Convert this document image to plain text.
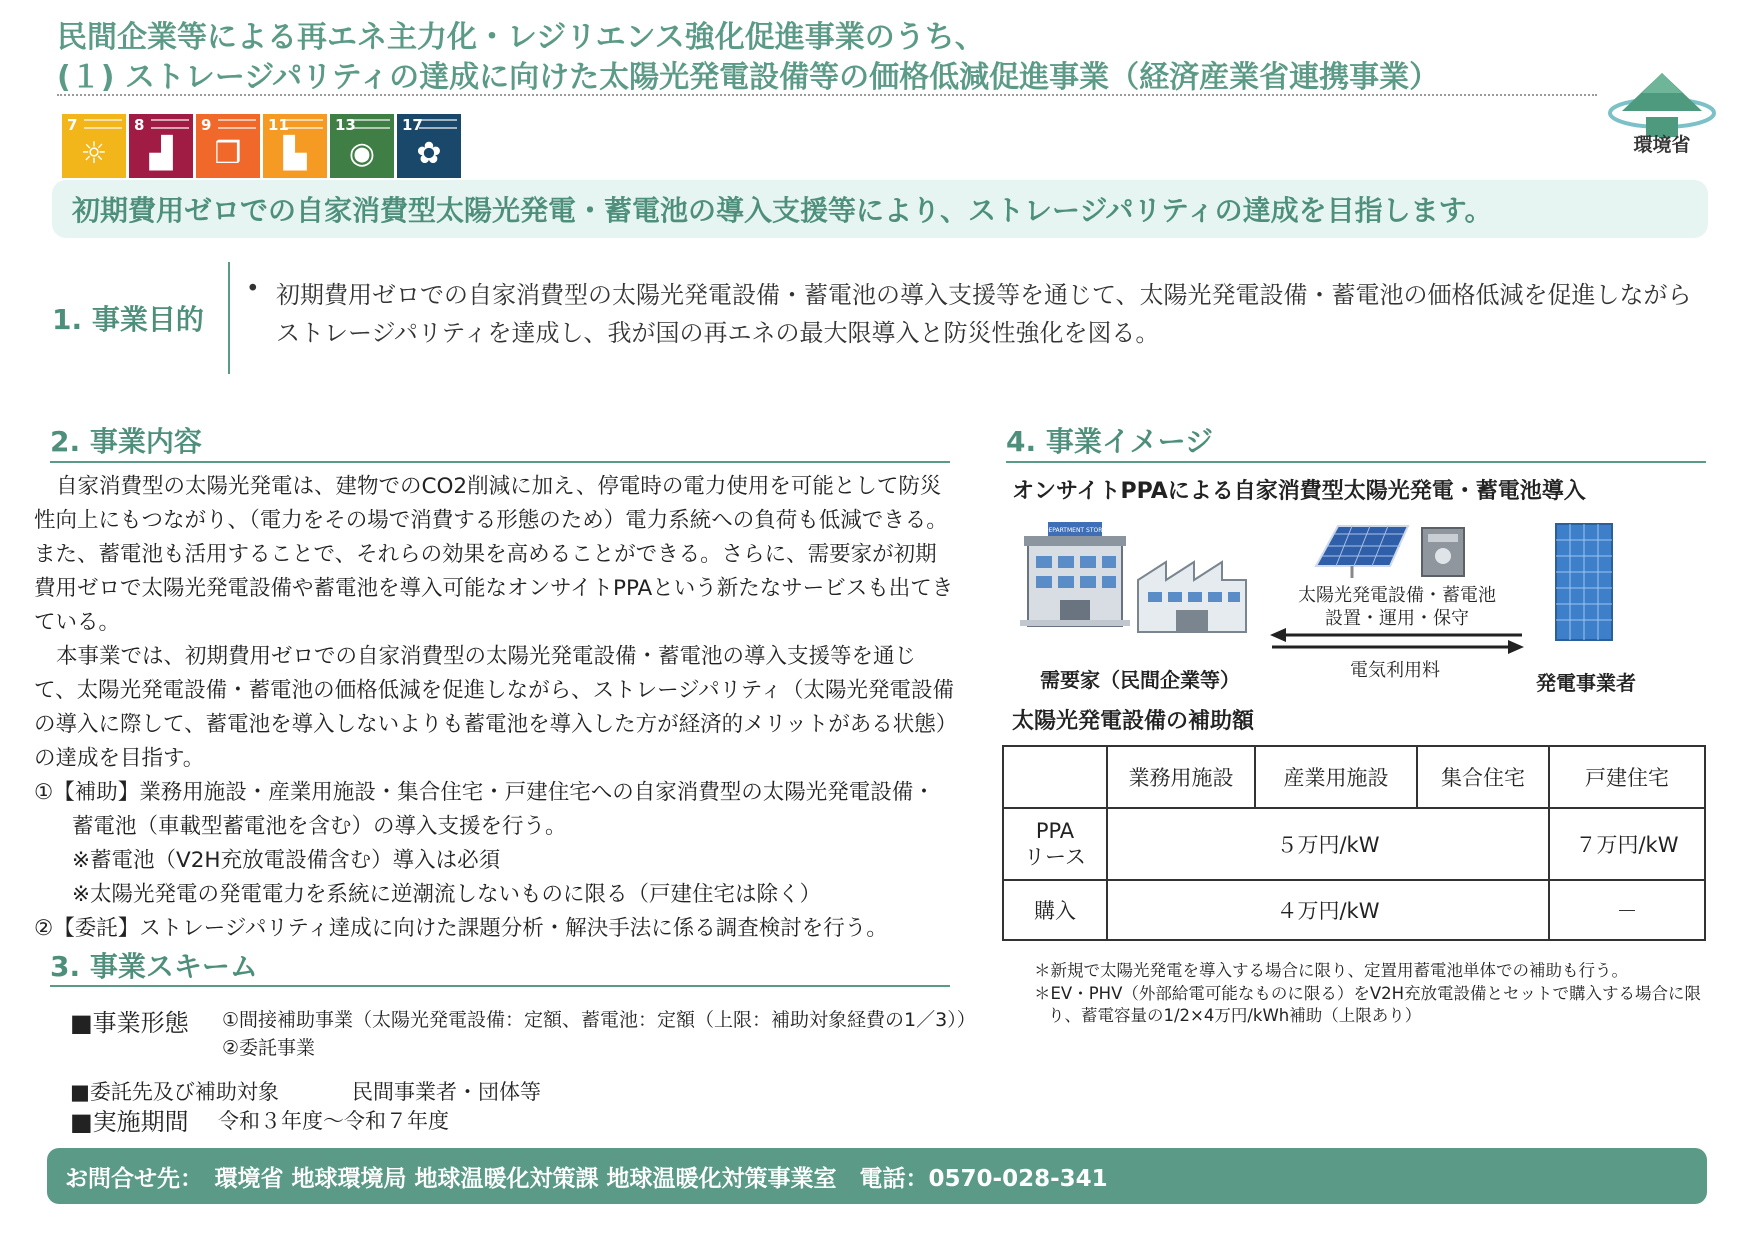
民間企業等による再エネ主力化・レジリエンス強化促進事業のうち、
(１) ストレージパリティの達成に向けた太陽光発電設備等の価格低減促進事業（経済産業省連携事業）
環境省
7
☼
8
▟
9
❒
11
▙
13
◉
17
✿
初期費用ゼロでの自家消費型太陽光発電・蓄電池の導入支援等により、ストレージパリティの達成を目指します。
1. 事業目的
• 初期費用ゼロでの自家消費型の太陽光発電設備・蓄電池の導入支援等を通じて、太陽光発電設備・蓄電池の価格低減を促進しながらストレージパリティを達成し、我が国の再エネの最大限導入と防災性強化を図る。
2. 事業内容

自家消費型の太陽光発電は、建物でのCO2削減に加え、停電時の電力使用を可能として防災性向上にもつながり、（電力をその場で消費する形態のため）電力系統への負荷も低減できる。また、蓄電池も活用することで、それらの効果を高めることができる。さらに、需要家が初期費用ゼロで太陽光発電設備や蓄電池を導入可能なオンサイトPPAという新たなサービスも出てきている。

本事業では、初期費用ゼロでの自家消費型の太陽光発電設備・蓄電池の導入支援等を通じて、太陽光発電設備・蓄電池の価格低減を促進しながら、ストレージパリティ（太陽光発電設備の導入に際して、蓄電池を導入しないよりも蓄電池を導入した方が経済的メリットがある状態）の達成を目指す。

①【補助】業務用施設・産業用施設・集合住宅・戸建住宅への自家消費型の太陽光発電設備・蓄電池（車載型蓄電池を含む）の導入支援を行う。

※蓄電池（V2H充放電設備含む）導入は必須

※太陽光発電の発電電力を系統に逆潮流しないものに限る（戸建住宅は除く）

②【委託】ストレージパリティ達成に向けた課題分析・解決手法に係る調査検討を行う。

3. 事業スキーム
■事業形態 ①間接補助事業（太陽光発電設備：定額、蓄電池：定額（上限：補助対象経費の1／3））
②委託事業
■委託先及び補助対象	民間事業者・団体等
■実施期間 令和３年度～令和７年度
4. 事業イメージ
オンサイトPPAによる自家消費型太陽光発電・蓄電池導入
DEPARTMENT STORE
太陽光発電設備・蓄電池
設置・運用・保守
電気利用料
需要家（民間企業等）	発電事業者
太陽光発電設備の補助額
	業務用施設	産業用施設	集合住宅	戸建住宅
PPA
リース	５万円/kW			７万円/kW
購入	４万円/kW			－
＊新規で太陽光発電を導入する場合に限り、定置用蓄電池単体での補助も行う。
＊EV・PHV（外部給電可能なものに限る）をV2H充放電設備とセットで購入する場合に限り、蓄電容量の1/2×4万円/kWh補助（上限あり）
お問合せ先：　環境省 地球環境局 地球温暖化対策課 地球温暖化対策事業室　電話：0570-028-341
